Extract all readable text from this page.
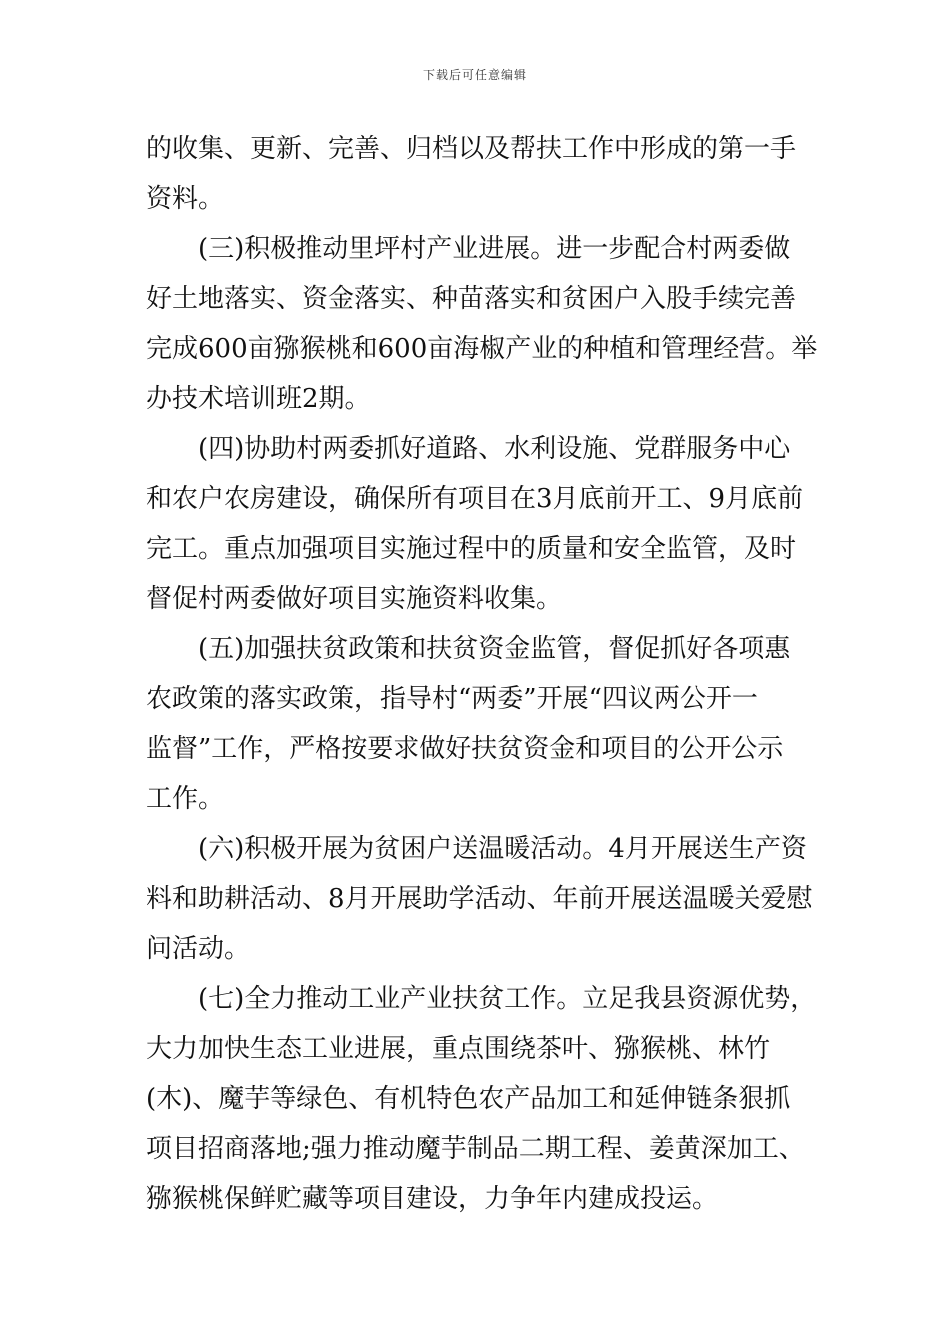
下载后可任意编辑
的收集、更新、完善、归档以及帮扶工作中形成的第一手
资料。
(三)积极推动里坪村产业进展。进一步配合村两委做
好土地落实、资金落实、种苗落实和贫困户入股手续完善
完成600亩猕猴桃和600亩海椒产业的种植和管理经营。举
办技术培训班2期。
(四)协助村两委抓好道路、水利设施、党群服务中心
和农户农房建设，确保所有项目在3月底前开工、9月底前
完工。重点加强项目实施过程中的质量和安全监管，及时
督促村两委做好项目实施资料收集。
(五)加强扶贫政策和扶贫资金监管，督促抓好各项惠
农政策的落实政策，指导村“两委”开展“四议两公开一
监督”工作，严格按要求做好扶贫资金和项目的公开公示
工作。
(六)积极开展为贫困户送温暖活动。4月开展送生产资
料和助耕活动、8月开展助学活动、年前开展送温暖关爱慰
问活动。
(七)全力推动工业产业扶贫工作。立足我县资源优势，
大力加快生态工业进展，重点围绕茶叶、猕猴桃、林竹
(木)、魔芋等绿色、有机特色农产品加工和延伸链条狠抓
项目招商落地;强力推动魔芋制品二期工程、姜黄深加工、
猕猴桃保鲜贮藏等项目建设，力争年内建成投运。
